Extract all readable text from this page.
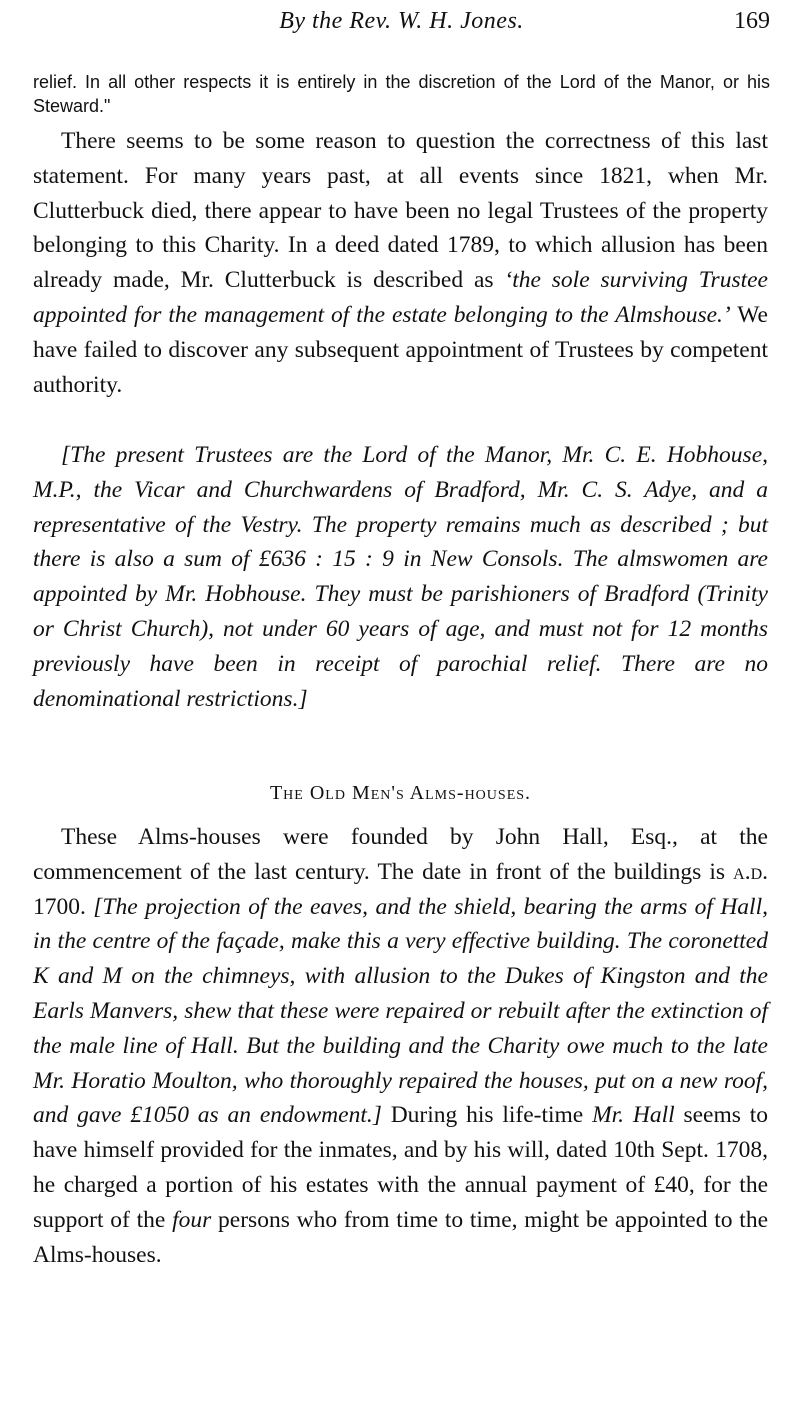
By the Rev. W. H. Jones.	169
relief. In all other respects it is entirely in the discretion of the Lord of the Manor, or his Steward."

There seems to be some reason to question the correctness of this last statement. For many years past, at all events since 1821, when Mr. Clutterbuck died, there appear to have been no legal Trustees of the property belonging to this Charity. In a deed dated 1789, to which allusion has been already made, Mr. Clutterbuck is described as ‘the sole surviving Trustee appointed for the management of the estate belonging to the Almshouse.’ We have failed to discover any subsequent appointment of Trustees by competent authority.

[The present Trustees are the Lord of the Manor, Mr. C. E. Hobhouse, M.P., the Vicar and Churchwardens of Bradford, Mr. C. S. Adye, and a representative of the Vestry. The property remains much as described ; but there is also a sum of £636 : 15 : 9 in New Consols. The almswomen are appointed by Mr. Hobhouse. They must be parishioners of Bradford (Trinity or Christ Church), not under 60 years of age, and must not for 12 months previously have been in receipt of parochial relief. There are no denominational restrictions.]

The Old Men's Alms-houses.

These Alms-houses were founded by John Hall, Esq., at the commencement of the last century. The date in front of the buildings is a.d. 1700. [The projection of the eaves, and the shield, bearing the arms of Hall, in the centre of the façade, make this a very effective building. The coronetted K and M on the chimneys, with allusion to the Dukes of Kingston and the Earls Manvers, shew that these were repaired or rebuilt after the extinction of the male line of Hall. But the building and the Charity owe much to the late Mr. Horatio Moulton, who thoroughly repaired the houses, put on a new roof, and gave £1050 as an endowment.] During his life-time Mr. Hall seems to have himself provided for the inmates, and by his will, dated 10th Sept. 1708, he charged a portion of his estates with the annual payment of £40, for the support of the four persons who from time to time, might be appointed to the Alms-houses.
